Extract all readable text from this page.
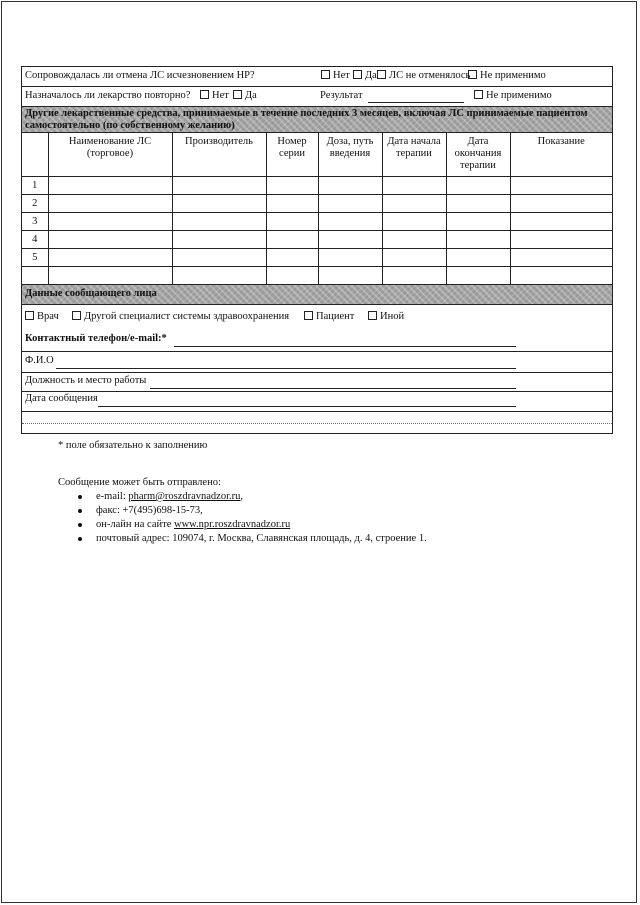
Сопровождалась ли отмена ЛС исчезновением НР?	Нет	Да	ЛС не отменялось Не применимо
Назначалось ли лекарство повторно?	Нет	Да	Результат	Не применимо
Другие лекарственные средства, принимаемые в течение последних 3 месяцев, включая ЛС принимаемые пациентом самостоятельно (по собственному желанию)
	Наименование ЛС (торговое)	Производитель	Номер серии	Доза, путь введения	Дата начала терапии	Дата окончания терапии	Показание
1							
2							
3							
4							
5							

Данные сообщающего лица
Врач	Другой специалист системы здравоохранения	Пациент	Иной
Контактный телефон/e-mail:*
Ф.И.О
Должность и место работы
Дата сообщения
* поле обязательно к заполнению
Сообщение может быть отправлено:
e-mail: pharm@roszdravnadzor.ru,
факс: +7(495)698-15-73,
он-лайн на сайте www.npr.roszdravnadzor.ru
почтовый адрес: 109074, г. Москва, Славянская площадь, д. 4, строение 1.
